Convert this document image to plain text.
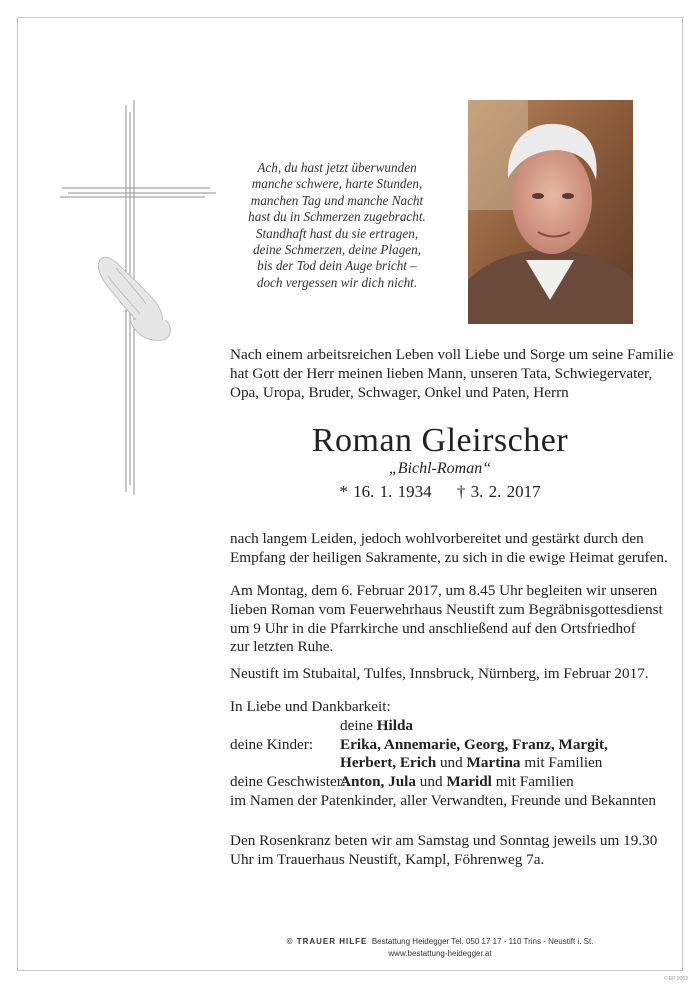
Ach, du hast jetzt überwunden
manche schwere, harte Stunden,
manchen Tag und manche Nacht
hast du in Schmerzen zugebracht.
Standhaft hast du sie ertragen,
deine Schmerzen, deine Plagen,
bis der Tod dein Auge bricht –
doch vergessen wir dich nicht.
Nach einem arbeitsreichen Leben voll Liebe und Sorge um seine Familie
hat Gott der Herr meinen lieben Mann, unseren Tata, Schwiegervater,
Opa, Uropa, Bruder, Schwager, Onkel und Paten, Herrn
Roman Gleirscher
„Bichl-Roman“
* 16. 1. 1934 † 3. 2. 2017
nach langem Leiden, jedoch wohlvorbereitet und gestärkt durch den
Empfang der heiligen Sakramente, zu sich in die ewige Heimat gerufen.
Am Montag, dem 6. Februar 2017, um 8.45 Uhr begleiten wir unseren
lieben Roman vom Feuerwehrhaus Neustift zum Begräbnisgottesdienst
um 9 Uhr in die Pfarrkirche und anschließend auf den Ortsfriedhof
zur letzten Ruhe.
Neustift im Stubaital, Tulfes, Innsbruck, Nürnberg, im Februar 2017.
In Liebe und Dankbarkeit:
deine Hilda
deine Kinder: Erika, Annemarie, Georg, Franz, Margit,
Herbert, Erich und Martina mit Familien
deine Geschwister:
Anton, Jula und Maridl mit Familien
im Namen der Patenkinder, aller Verwandten, Freunde und Bekannten
Den Rosenkranz beten wir am Samstag und Sonntag jeweils um 19.30
Uhr im Trauerhaus Neustift, Kampl, Föhrenweg 7a.
© TRAUER HILFE Bestattung Heidegger Tel. 050 17 17 - 110 Trins - Neustift i. St.
www.bestattung-heidegger.at
© EP 9063
